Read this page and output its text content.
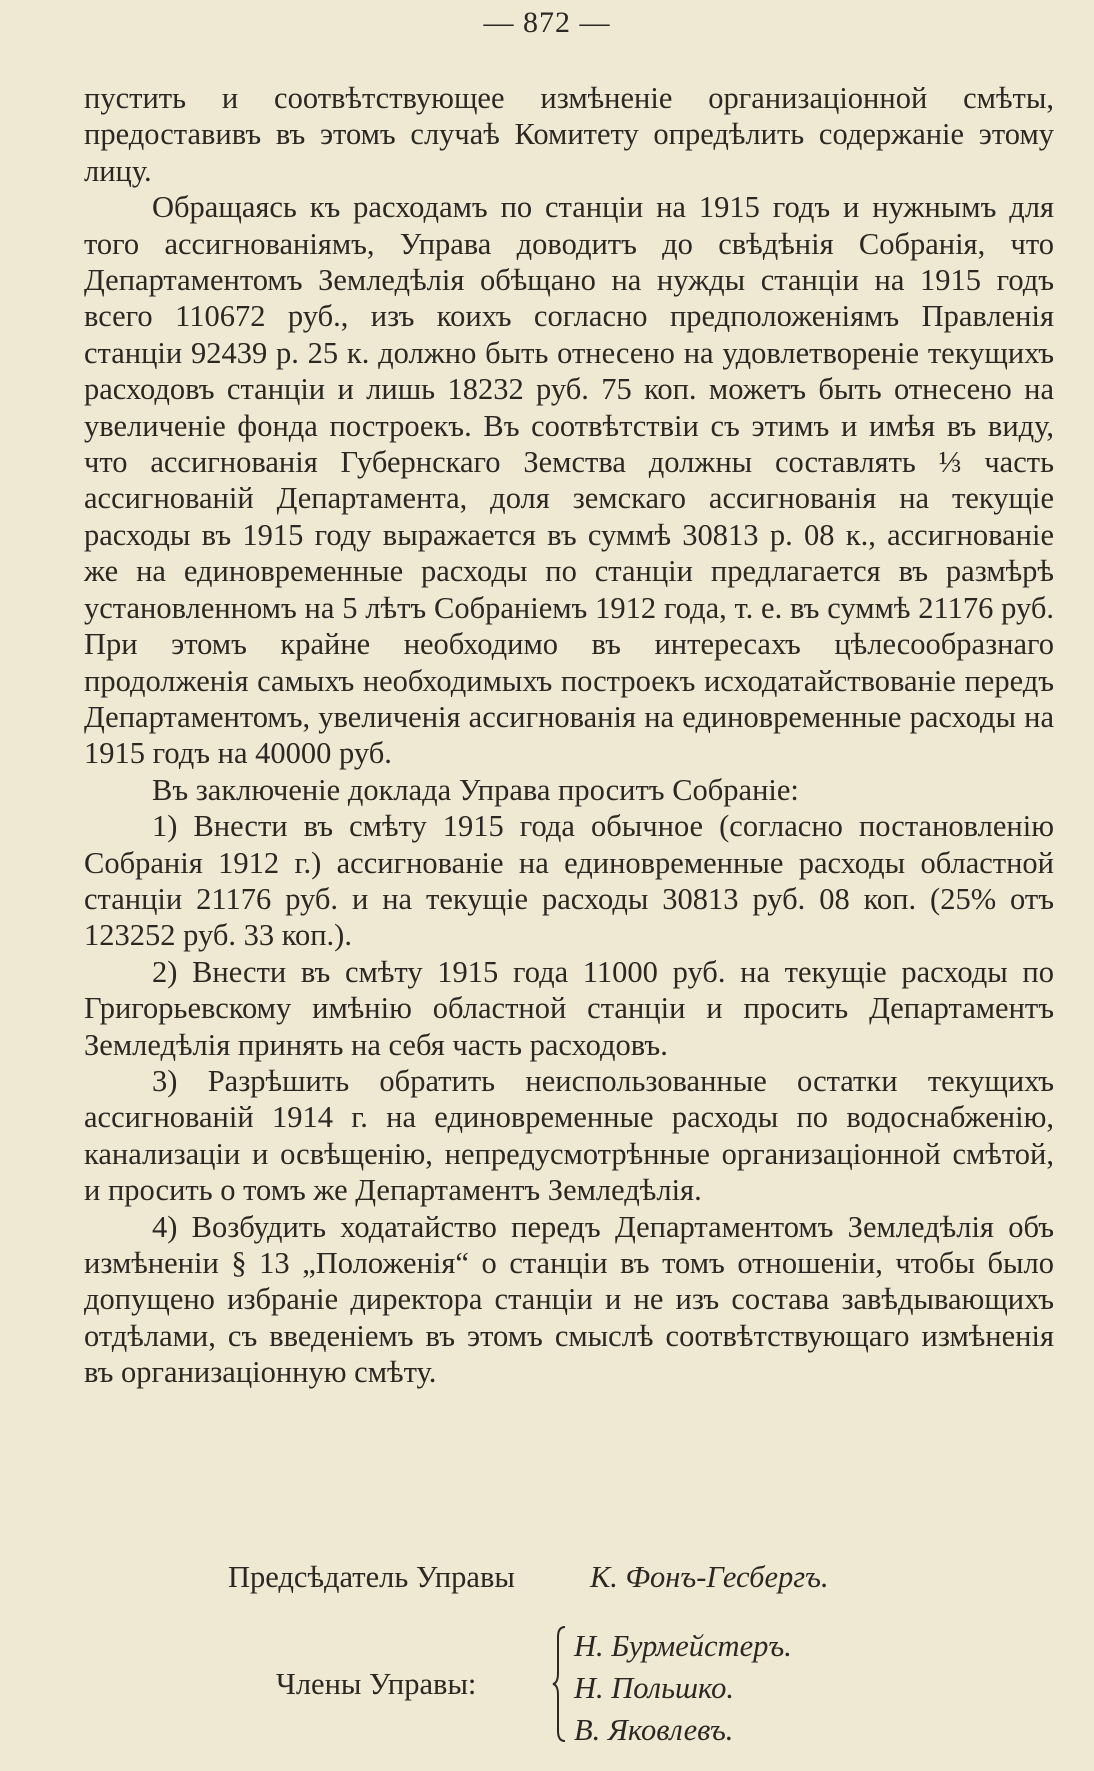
— 872 —

пустить и соотвѣтствующее измѣненіе организаціонной смѣты, предоставивъ въ этомъ случаѣ Комитету опредѣлить содержаніе этому лицу.

Обращаясь къ расходамъ по станціи на 1915 годъ и нужнымъ для того ассигнованіямъ, Управа доводитъ до свѣдѣнія Собранія, что Департаментомъ Земледѣлія обѣщано на нужды станціи на 1915 годъ всего 110672 руб., изъ коихъ согласно предположеніямъ Правленія станціи 92439 р. 25 к. должно быть отнесено на удовлетвореніе текущихъ расходовъ станціи и лишь 18232 руб. 75 коп. можетъ быть отнесено на увеличеніе фонда построекъ. Въ соотвѣтствіи съ этимъ и имѣя въ виду, что ассигнованія Губернскаго Земства должны составлять ⅓ часть ассигнованій Департамента, доля земскаго ассигнованія на текущіе расходы въ 1915 году выражается въ суммѣ 30813 р. 08 к., ассигнованіе же на единовременные расходы по станціи предлагается въ размѣрѣ установленномъ на 5 лѣтъ Собраніемъ 1912 года, т. е. въ суммѣ 21176 руб. При этомъ крайне необходимо въ интересахъ цѣлесообразнаго продолженія самыхъ необходимыхъ построекъ исходатайствованіе передъ Департаментомъ, увеличенія ассигнованія на единовременные расходы на 1915 годъ на 40000 руб.

Въ заключеніе доклада Управа проситъ Собраніе:

1) Внести въ смѣту 1915 года обычное (согласно постановленію Собранія 1912 г.) ассигнованіе на единовременные расходы областной станціи 21176 руб. и на текущіе расходы 30813 руб. 08 коп. (25% отъ 123252 руб. 33 коп.).

2) Внести въ смѣту 1915 года 11000 руб. на текущіе расходы по Григорьевскому имѣнію областной станціи и просить Департаментъ Земледѣлія принять на себя часть расходовъ.

3) Разрѣшить обратить неиспользованные остатки текущихъ ассигнованій 1914 г. на единовременные расходы по водоснабженію, канализаціи и освѣщенію, непредусмотрѣнные организаціонной смѣтой, и просить о томъ же Департаментъ Земледѣлія.

4) Возбудить ходатайство передъ Департаментомъ Земледѣлія объ измѣненіи § 13 „Положенія“ о станціи въ томъ отношеніи, чтобы было допущено избраніе директора станціи и не изъ состава завѣдывающихъ отдѣлами, съ введеніемъ въ этомъ смыслѣ соотвѣтствующаго измѣненія въ организаціонную смѣту.

Предсѣдатель Управы К. Фонъ-Гесбергъ.
Члены Управы:
Н. Бурмейстеръ.
Н. Польшко.
В. Яковлевъ.
